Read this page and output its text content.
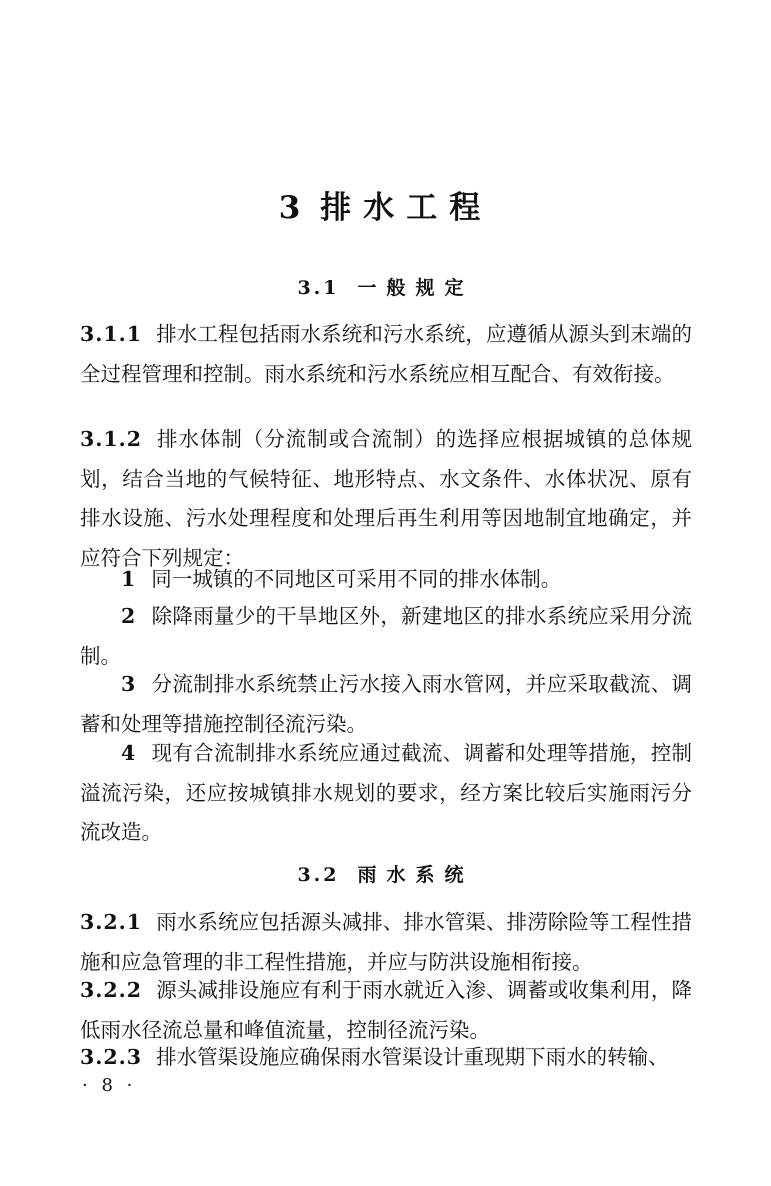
3 排水工程
3.1 一般规定

3.1.1 排水工程包括雨水系统和污水系统，应遵循从源头到末端的全过程管理和控制。雨水系统和污水系统应相互配合、有效衔接。

3.1.2 排水体制（分流制或合流制）的选择应根据城镇的总体规划，结合当地的气候特征、地形特点、水文条件、水体状况、原有排水设施、污水处理程度和处理后再生利用等因地制宜地确定，并应符合下列规定：

1 同一城镇的不同地区可采用不同的排水体制。

2 除降雨量少的干旱地区外，新建地区的排水系统应采用分流制。

3 分流制排水系统禁止污水接入雨水管网，并应采取截流、调蓄和处理等措施控制径流污染。

4 现有合流制排水系统应通过截流、调蓄和处理等措施，控制溢流污染，还应按城镇排水规划的要求，经方案比较后实施雨污分流改造。

3.2 雨水系统

3.2.1 雨水系统应包括源头减排、排水管渠、排涝除险等工程性措施和应急管理的非工程性措施，并应与防洪设施相衔接。

3.2.2 源头减排设施应有利于雨水就近入渗、调蓄或收集利用，降低雨水径流总量和峰值流量，控制径流污染。

3.2.3 排水管渠设施应确保雨水管渠设计重现期下雨水的转输、

· 8 ·
